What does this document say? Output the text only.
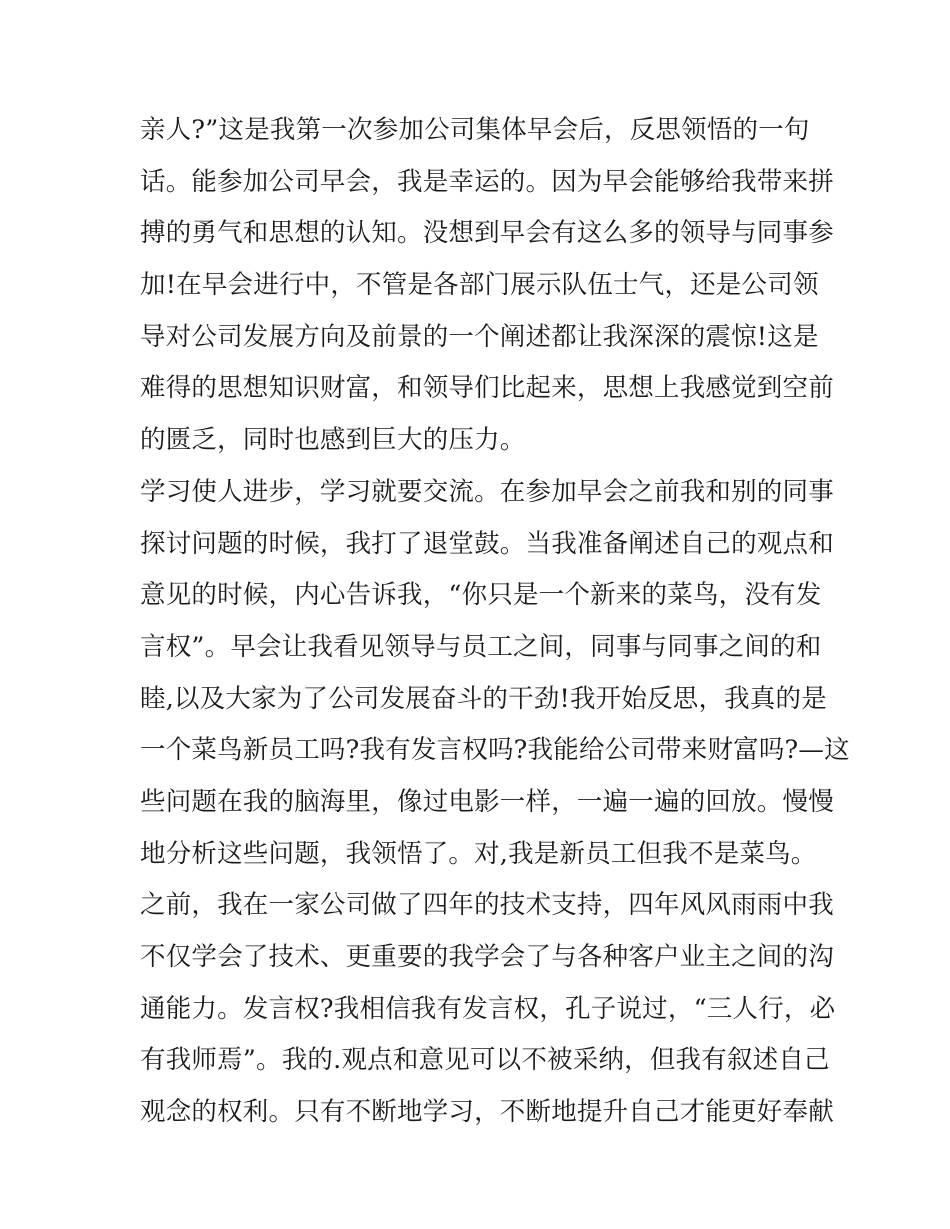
亲人?”这是我第一次参加公司集体早会后，反思领悟的一句
话。能参加公司早会，我是幸运的。因为早会能够给我带来拼
搏的勇气和思想的认知。没想到早会有这么多的领导与同事参
加!在早会进行中，不管是各部门展示队伍士气，还是公司领
导对公司发展方向及前景的一个阐述都让我深深的震惊!这是
难得的思想知识财富，和领导们比起来，思想上我感觉到空前
的匮乏，同时也感到巨大的压力。
学习使人进步，学习就要交流。在参加早会之前我和别的同事
探讨问题的时候，我打了退堂鼓。当我准备阐述自己的观点和
意见的时候，内心告诉我，“你只是一个新来的菜鸟，没有发
言权”。早会让我看见领导与员工之间，同事与同事之间的和
睦,以及大家为了公司发展奋斗的干劲!我开始反思，我真的是
一个菜鸟新员工吗?我有发言权吗?我能给公司带来财富吗?—这
些问题在我的脑海里，像过电影一样，一遍一遍的回放。慢慢
地分析这些问题，我领悟了。对,我是新员工但我不是菜鸟。
之前，我在一家公司做了四年的技术支持，四年风风雨雨中我
不仅学会了技术、更重要的我学会了与各种客户业主之间的沟
通能力。发言权?我相信我有发言权，孔子说过，“三人行，必
有我师焉”。我的.观点和意见可以不被采纳，但我有叙述自己
观念的权利。只有不断地学习，不断地提升自己才能更好奉献
